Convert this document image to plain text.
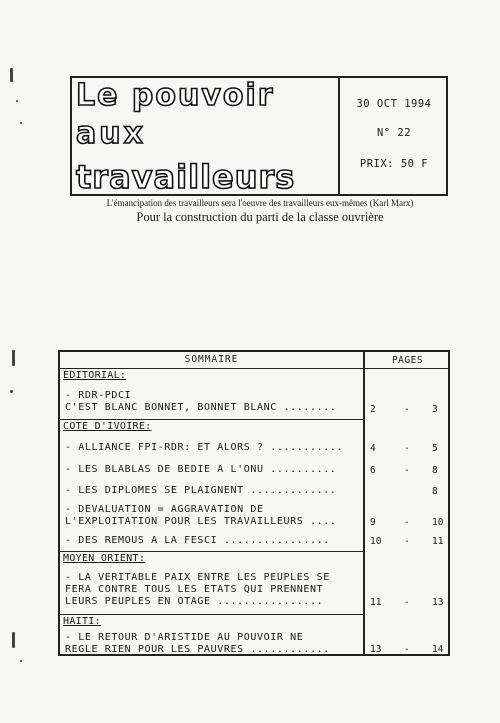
Le pouvoir
aux
travailleurs
30 OCT 1994
N° 22
PRIX: 50 F
L'émancipation des travailleurs sera l'oeuvre des travailleurs eux-mêmes (Karl Marx)
Pour la construction du parti de la classe ouvrière
SOMMAIRE	PAGES
EDITORIAL:
- RDR-PDCI
C'EST BLANC BONNET, BONNET BLANC ........	2	- 3
COTE D'IVOIRE:
- ALLIANCE FPI-RDR: ET ALORS ? ...........	4	- 5
- LES BLABLAS DE BEDIE A L'ONU ..........	6	- 8
- LES DIPLOMES SE PLAIGNENT .............	8
- DEVALUATION = AGGRAVATION DE
L'EXPLOITATION POUR LES TRAVAILLEURS ....	9	- 10
- DES REMOUS A LA FESCI ................	10 - 11
MOYEN ORIENT:
- LA VERITABLE PAIX ENTRE LES PEUPLES SE
FERA CONTRE TOUS LES ETATS QUI PRENNENT
LEURS PEUPLES EN OTAGE ................	11 - 13
HAITI:
- LE RETOUR D'ARISTIDE AU POUVOIR NE
REGLE RIEN POUR LES PAUVRES ............	13 - 14
